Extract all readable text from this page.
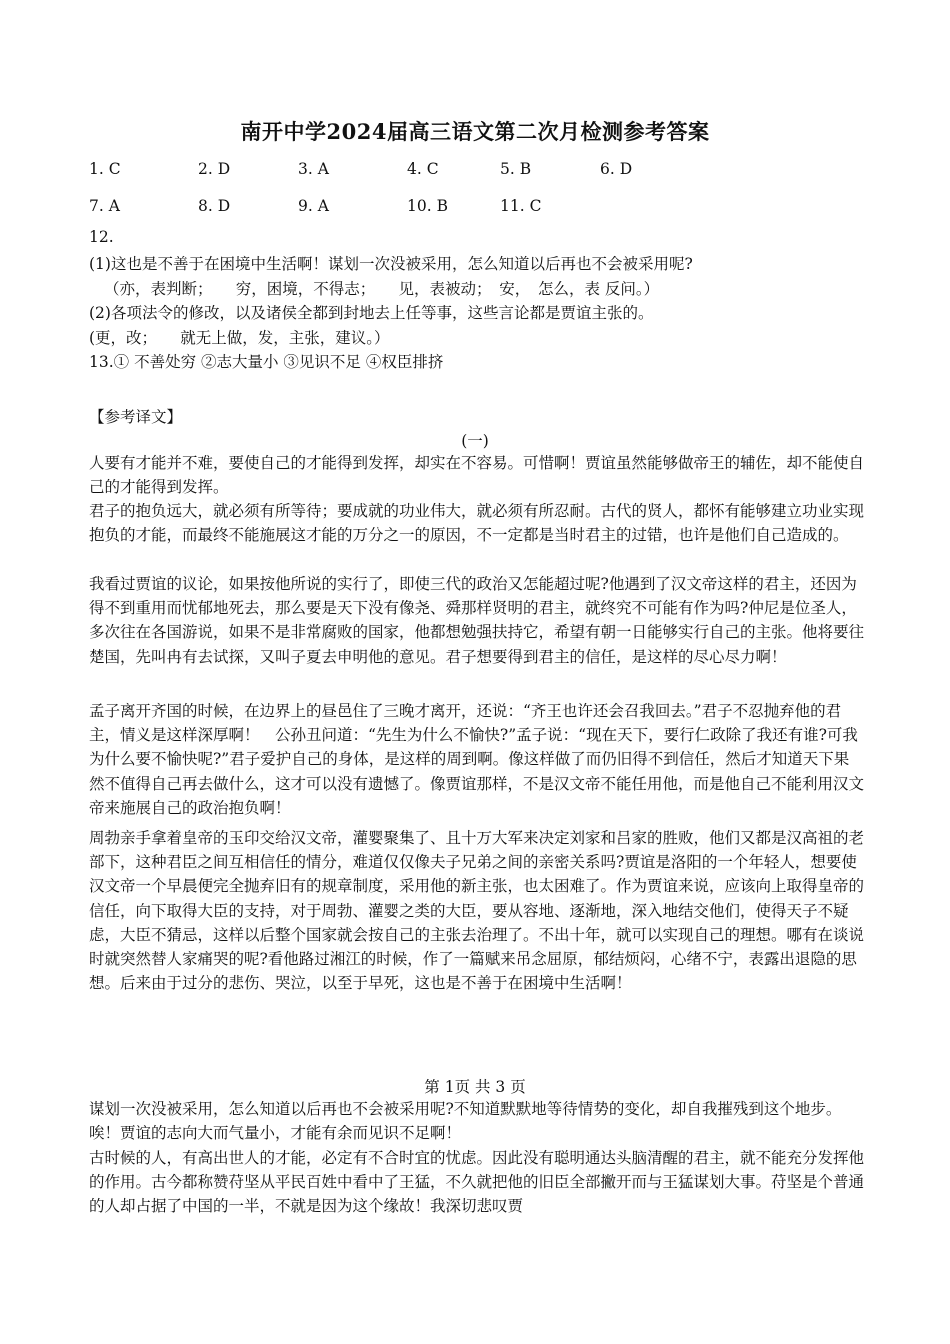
南开中学2024届高三语文第二次月检测参考答案
1. C	2. D	3. A	4. C	5. B	6. D
7. A	8. D	9. A	10. B	11. C
12.
(1)这也是不善于在困境中生活啊！谋划一次没被采用，怎么知道以后再也不会被采用呢?
（亦，表判断；　　穷，困境，不得志；　　见，表被动；　安，　怎么，表 反问。）
(2)各项法令的修改，以及诸侯全都到封地去上任等事，这些言论都是贾谊主张的。
(更，改；　　就无上做，发，主张，建议。）
13.① 不善处穷 ②志大量小 ③见识不足 ④权臣排挤
【参考译文】
(一)
人要有才能并不难，要使自己的才能得到发挥，却实在不容易。可惜啊！贾谊虽然能够做帝王的辅佐，却不能使自己的才能得到发挥。
君子的抱负远大，就必须有所等待；要成就的功业伟大，就必须有所忍耐。古代的贤人，都怀有能够建立功业实现抱负的才能，而最终不能施展这才能的万分之一的原因，不一定都是当时君主的过错，也许是他们自己造成的。
我看过贾谊的议论，如果按他所说的实行了，即使三代的政治又怎能超过呢?他遇到了汉文帝这样的君主，还因为得不到重用而忧郁地死去，那么要是天下没有像尧、舜那样贤明的君主，就终究不可能有作为吗?仲尼是位圣人，多次往在各国游说，如果不是非常腐败的国家，他都想勉强扶持它，希望有朝一日能够实行自己的主张。他将要往楚国，先叫冉有去试探，又叫子夏去申明他的意见。君子想要得到君主的信任，是这样的尽心尽力啊！
孟子离开齐国的时候，在边界上的昼邑住了三晚才离开，还说：“齐王也许还会召我回去。”君子不忍抛弃他的君主，情义是这样深厚啊！　公孙丑问道：“先生为什么不愉快?”孟子说：“现在天下，要行仁政除了我还有谁?可我为什么要不愉快呢?”君子爱护自己的身体，是这样的周到啊。像这样做了而仍旧得不到信任，然后才知道天下果然不值得自己再去做什么，这才可以没有遗憾了。像贾谊那样，不是汉文帝不能任用他，而是他自己不能利用汉文帝来施展自己的政治抱负啊！
周勃亲手拿着皇帝的玉印交给汉文帝，灌婴聚集了、且十万大军来决定刘家和吕家的胜败，他们又都是汉高祖的老部下，这种君臣之间互相信任的情分，难道仅仅像夫子兄弟之间的亲密关系吗?贾谊是洛阳的一个年轻人，想要使汉文帝一个早晨便完全抛弃旧有的规章制度，采用他的新主张，也太困难了。作为贾谊来说，应该向上取得皇帝的信任，向下取得大臣的支持，对于周勃、灌婴之类的大臣，要从容地、逐渐地，深入地结交他们，使得天子不疑虑，大臣不猜忌，这样以后整个国家就会按自己的主张去治理了。不出十年，就可以实现自己的理想。哪有在谈说时就突然替人家痛哭的呢?看他路过湘江的时候，作了一篇赋来吊念屈原，郁结烦闷，心绪不宁，表露出退隐的思想。后来由于过分的悲伤、哭泣，以至于早死，这也是不善于在困境中生活啊！
第 1页 共 3 页
谋划一次没被采用，怎么知道以后再也不会被采用呢?不知道默默地等待情势的变化，却自我摧残到这个地步。唉！贾谊的志向大而气量小，才能有余而见识不足啊！
古时候的人，有高出世人的才能，必定有不合时宜的忧虑。因此没有聪明通达头脑清醒的君主，就不能充分发挥他的作用。古今都称赞苻坚从平民百姓中看中了王猛，不久就把他的旧臣全部撇开而与王猛谋划大事。苻坚是个普通的人却占据了中国的一半，不就是因为这个缘故！我深切悲叹贾
